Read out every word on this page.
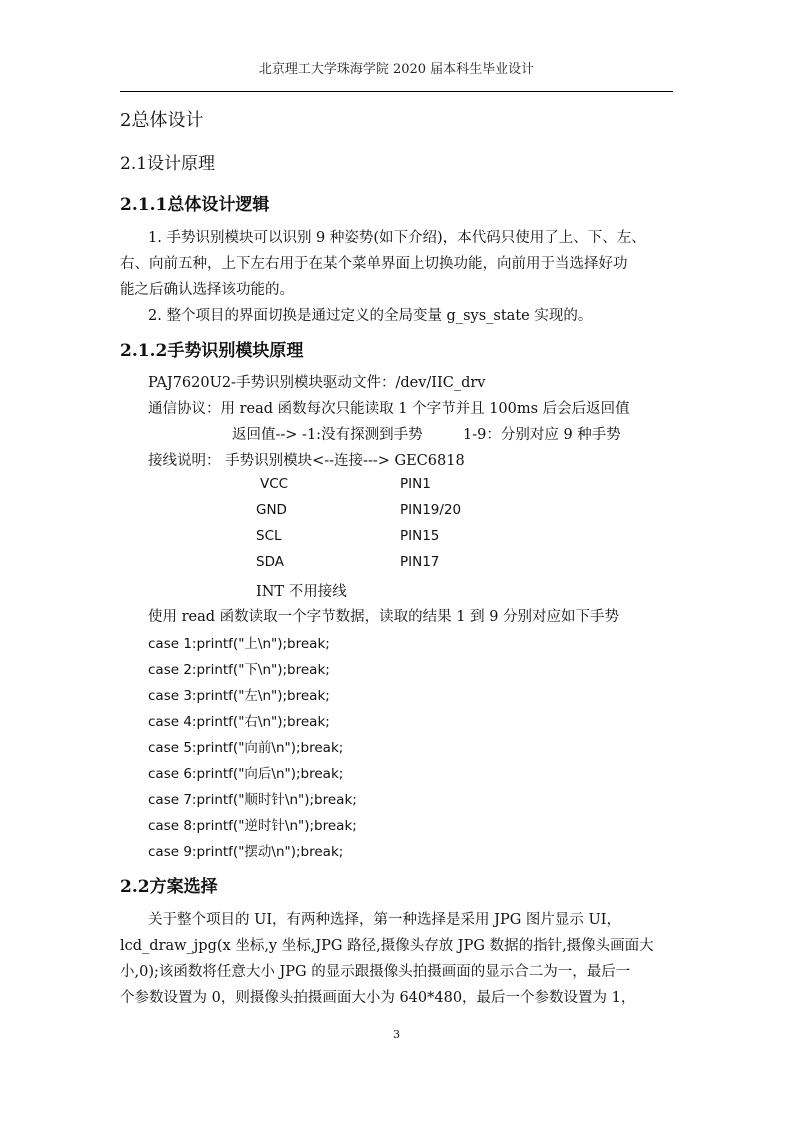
北京理工大学珠海学院 2020 届本科生毕业设计
2总体设计
2.1设计原理
2.1.1总体设计逻辑

1. 手势识别模块可以识别 9 种姿势(如下介绍)，本代码只使用了上、下、左、

右、向前五种，上下左右用于在某个菜单界面上切换功能，向前用于当选择好功

能之后确认选择该功能的。

2. 整个项目的界面切换是通过定义的全局变量 g_sys_state 实现的。

2.1.2手势识别模块原理

PAJ7620U2-手势识别模块驱动文件：/dev/IIC_drv

通信协议：用 read 函数每次只能读取 1 个字节并且 100ms 后会后返回值

返回值--> -1:没有探测到手势	1-9：分别对应 9 种手势

接线说明： 手势识别模块<--连接---> GEC6818

VCC	PIN1

GND	PIN19/20

SCL	PIN15

SDA	PIN17

INT 不用接线

使用 read 函数读取一个字节数据，读取的结果 1 到 9 分别对应如下手势

case 1:printf("上\n");break;

case 2:printf("下\n");break;

case 3:printf("左\n");break;

case 4:printf("右\n");break;

case 5:printf("向前\n");break;

case 6:printf("向后\n");break;

case 7:printf("顺时针\n");break;

case 8:printf("逆时针\n");break;

case 9:printf("摆动\n");break;

2.2方案选择

关于整个项目的 UI，有两种选择，第一种选择是采用 JPG 图片显示 UI，

lcd_draw_jpg(x 坐标,y 坐标,JPG 路径,摄像头存放 JPG 数据的指针,摄像头画面大

小,0);该函数将任意大小 JPG 的显示跟摄像头拍摄画面的显示合二为一，最后一

个参数设置为 0，则摄像头拍摄画面大小为 640*480，最后一个参数设置为 1，

3
